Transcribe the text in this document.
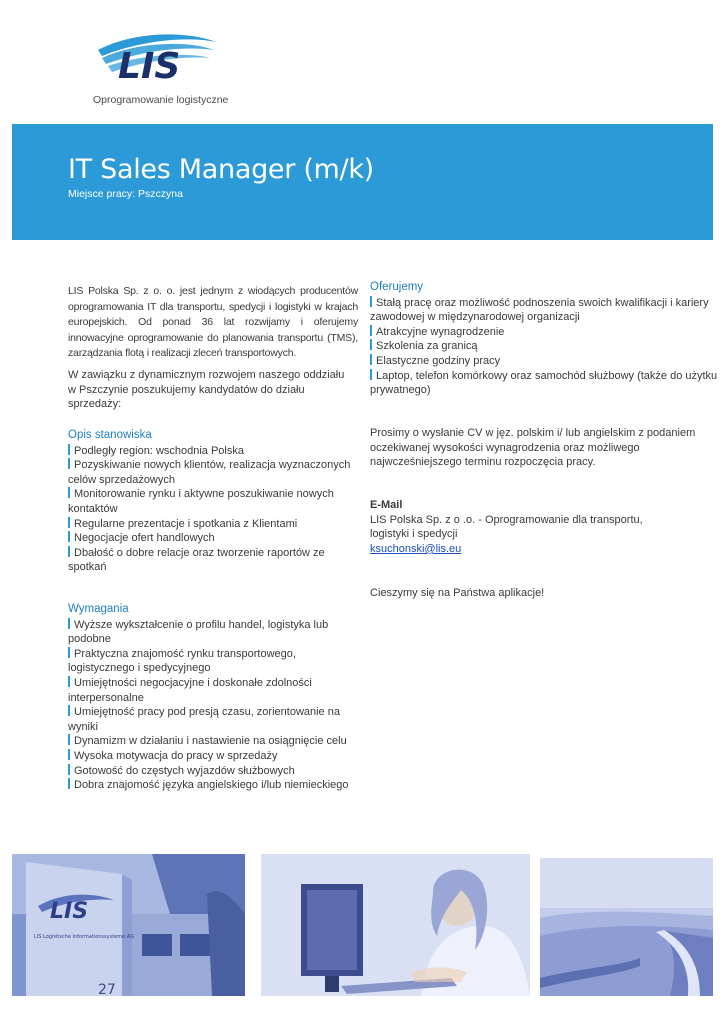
LIS
Oprogramowanie logistyczne
IT Sales Manager (m/k)
Miejsce pracy: Pszczyna
LIS Polska Sp. z o. o. jest jednym z wiodących producentów oprogramowania IT dla transportu, spedycji i logistyki w krajach europejskich. Od ponad 36 lat rozwijamy i oferujemy innowacyjne oprogramowanie do planowania transportu (TMS), zarządzania flotą i realizacji zleceń transportowych.
W zawiązku z dynamicznym rozwojem naszego oddziału w Pszczynie poszukujemy kandydatów do działu sprzedaży:
Opis stanowiska
Podległy region: wschodnia Polska
Pozyskiwanie nowych klientów, realizacja wyznaczonych celów sprzedażowych
Monitorowanie rynku i aktywne poszukiwanie nowych kontaktów
Regularne prezentacje i spotkania z Klientami
Negocjacje ofert handlowych
Dbałość o dobre relacje oraz tworzenie raportów ze spotkań
Wymagania
Wyższe wykształcenie o profilu handel, logistyka lub podobne
Praktyczna znajomość rynku transportowego, logistycznego i spedycyjnego
Umiejętności negocjacyjne i doskonałe zdolności interpersonalne
Umiejętność pracy pod presją czasu, zorientowanie na wyniki
Dynamizm w działaniu i nastawienie na osiągnięcie celu
Wysoka motywacja do pracy w sprzedaży
Gotowość do częstych wyjazdów służbowych
Dobra znajomość języka angielskiego i/lub niemieckiego
Oferujemy
Stałą pracę oraz możliwość podnoszenia swoich kwalifikacji i kariery zawodowej w międzynarodowej organizacji
Atrakcyjne wynagrodzenie
Szkolenia za granicą
Elastyczne godziny pracy
Laptop, telefon komórkowy oraz samochód służbowy (także do użytku prywatnego)
Prosimy o wysłanie CV w jęz. polskim i/ lub angielskim z podaniem oczekiwanej wysokości wynagrodzenia oraz możliwego najwcześniejszego terminu rozpoczęcia pracy.
E-Mail
LIS Polska Sp. z o .o. - Oprogramowanie dla transportu,
logistyki i spedycji
ksuchonski@lis.eu
Cieszymy się na Państwa aplikacje!
LIS
LIS Logistische Informationssysteme AG
27
